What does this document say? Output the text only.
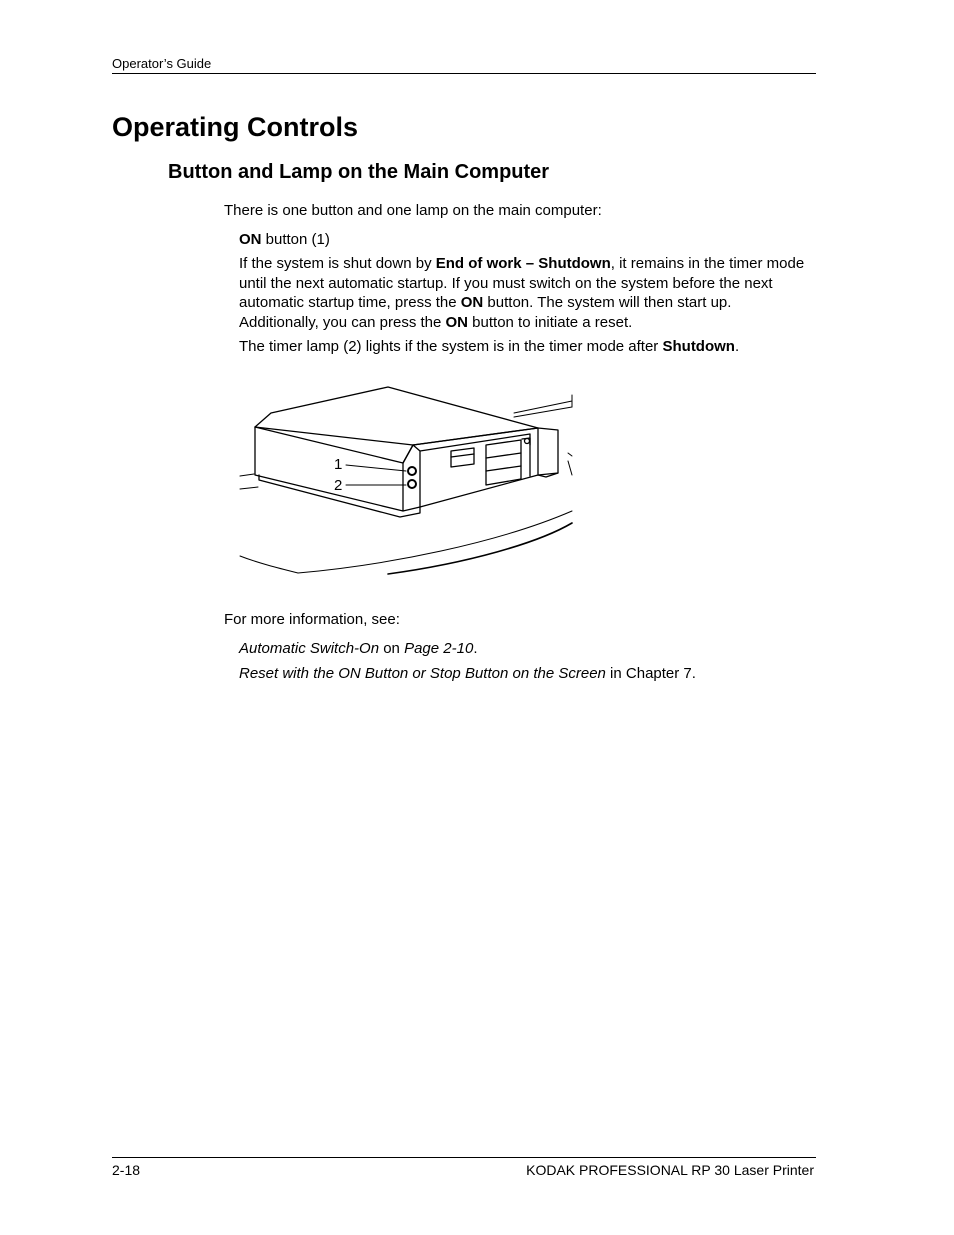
Operator’s Guide
Operating Controls
Button and Lamp on the Main Computer

There is one button and one lamp on the main computer:

ON button (1)

If the system is shut down by End of work – Shutdown, it remains in the timer mode until the next automatic startup. If you must switch on the system before the next automatic startup time, press the ON button. The system will then start up. Additionally, you can press the ON button to initiate a reset.

The timer lamp (2) lights if the system is in the timer mode after Shutdown.

1
2

For more information, see:

Automatic Switch-On on Page 2-10.

Reset with the ON Button or Stop Button on the Screen in Chapter 7.

2-18	KODAK PROFESSIONAL RP 30 Laser Printer
